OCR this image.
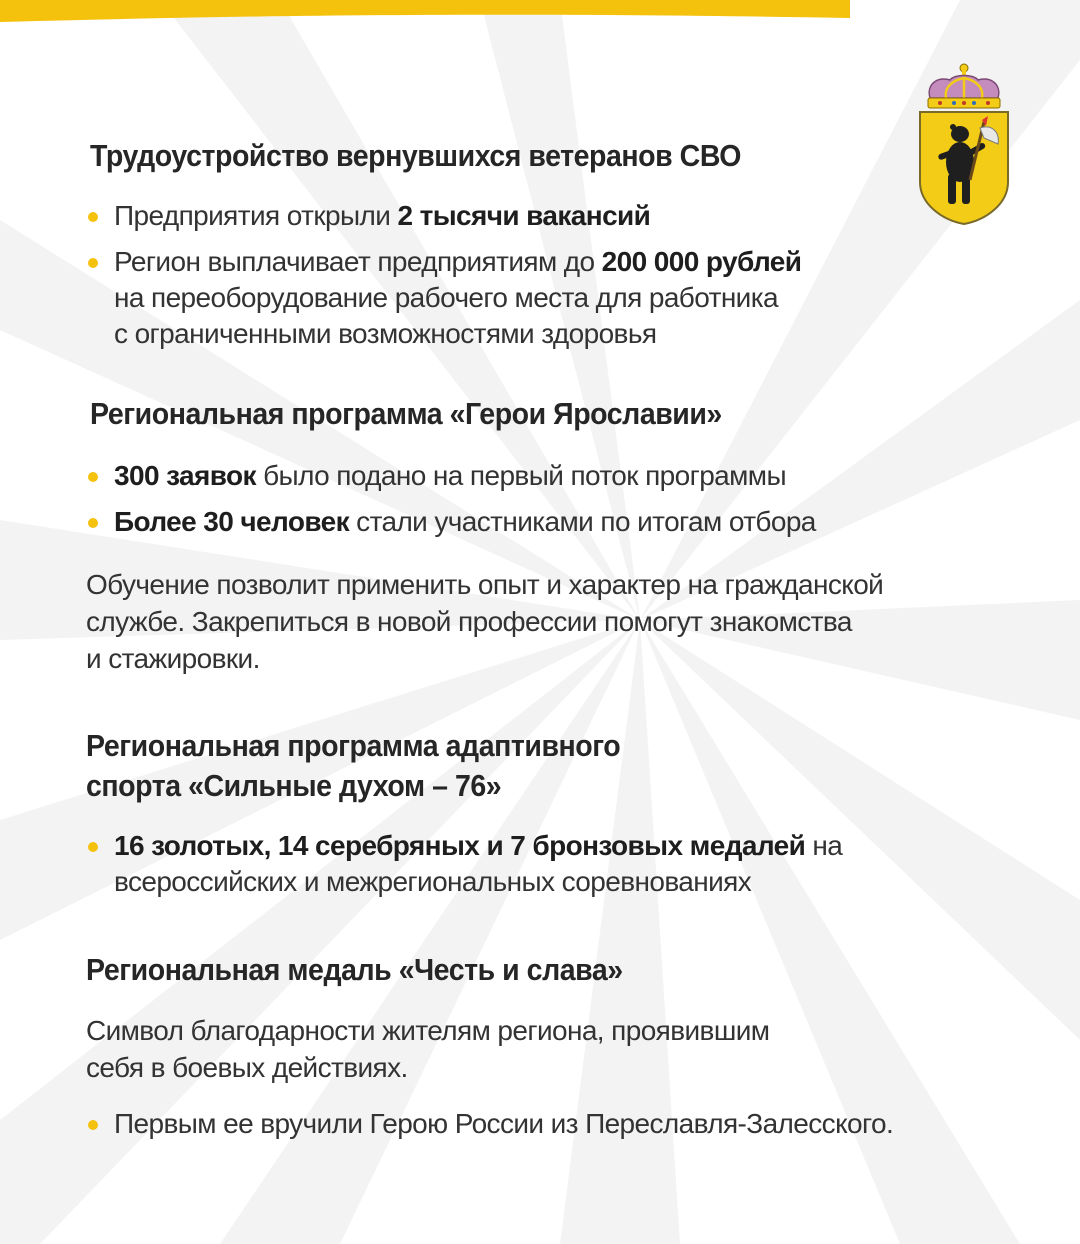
Трудоустройство вернувшихся ветеранов СВО
Предприятия открыли 2 тысячи вакансий
Регион выплачивает предприятиям до 200 000 рублей
на переоборудование рабочего места для работника
с ограниченными возможностями здоровья
Региональная программа «Герои Ярославии»
300 заявок было подано на первый поток программы
Более 30 человек стали участниками по итогам отбора

Обучение позволит применить опыт и характер на гражданской
службе. Закрепиться в новой профессии помогут знакомства
и стажировки.

Региональная программа адаптивного
спорта «Сильные духом – 76»
16 золотых, 14 серебряных и 7 бронзовых медалей на
всероссийских и межрегиональных соревнованиях
Региональная медаль «Честь и слава»

Символ благодарности жителям региона, проявившим
себя в боевых действиях.

Первым ее вручили Герою России из Переславля-Залесского.
